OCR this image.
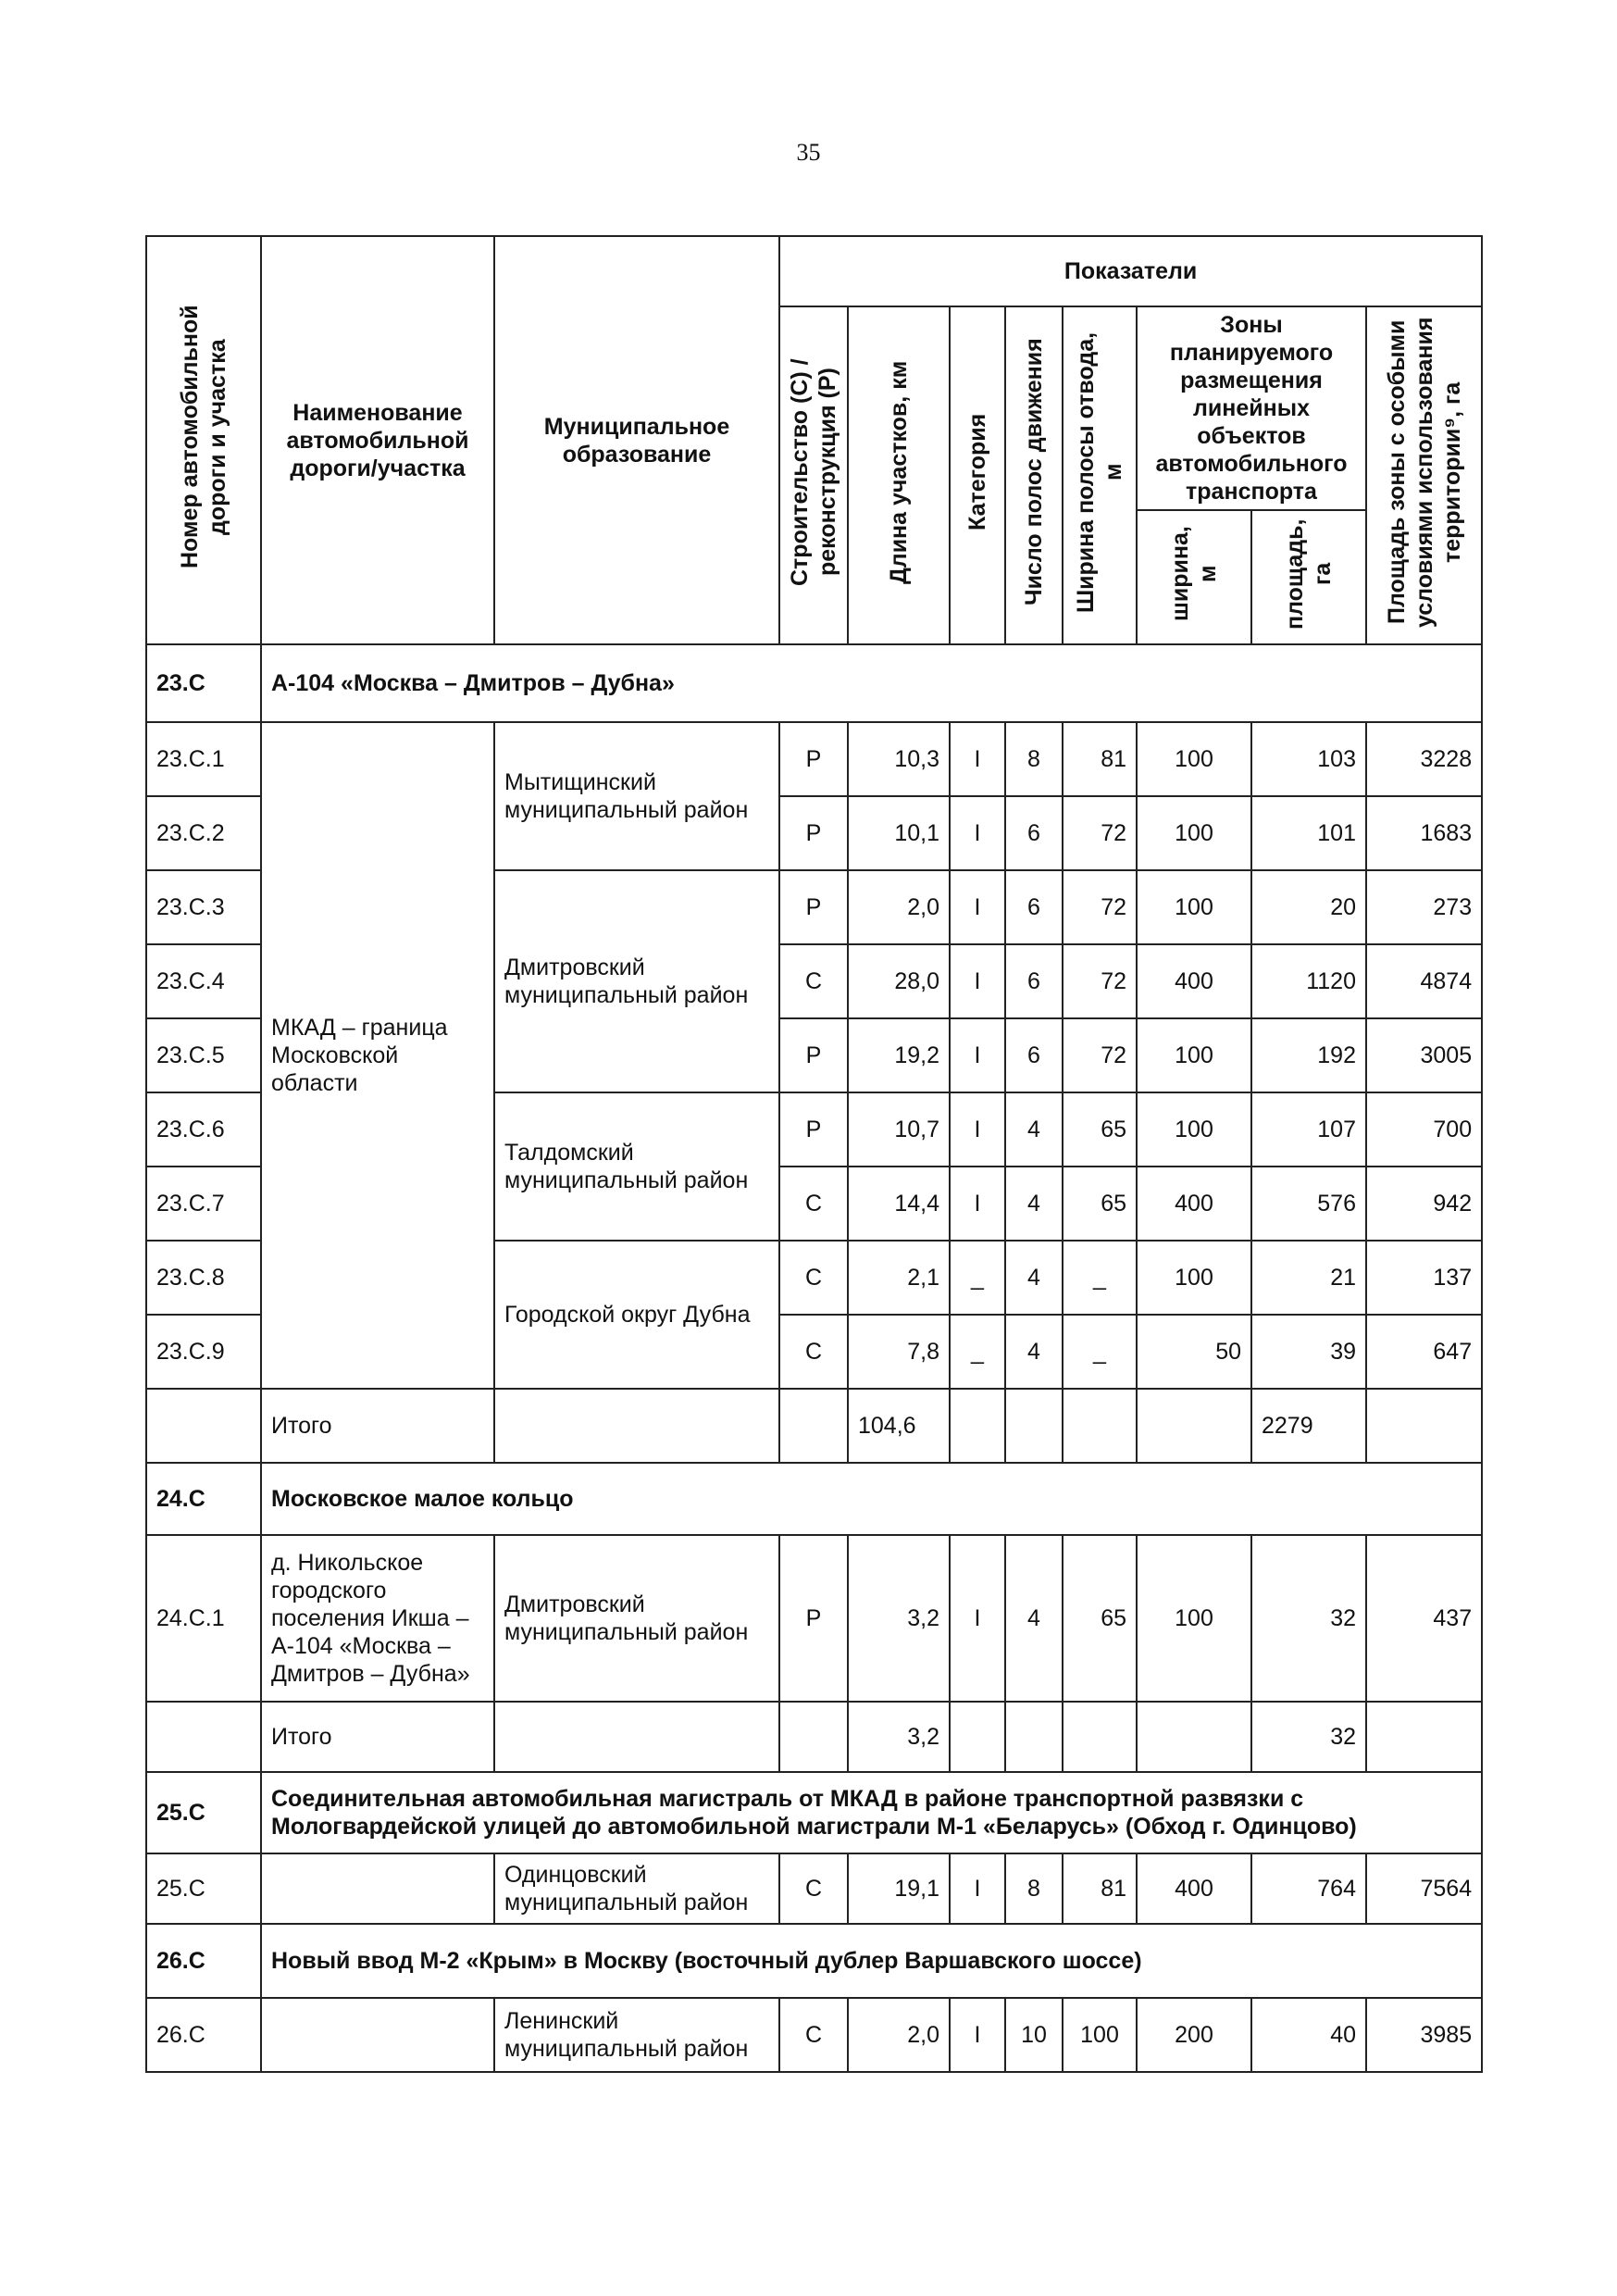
35
Номер автомобильной дороги и участка	Наименование автомобильной дороги/участка	Муниципальное образование	Показатели							
			Строительство (С) / реконструкция (Р)	Длина участков, км	Категория	Число полос движения	Ширина полосы отвода, м	Зоны планируемого размещения линейных объектов автомобильного транспорта		Площадь зоны с особыми условиями использования территории⁹, га
								ширина, м	площадь, га	
23.С	А-104 «Москва – Дмитров – Дубна»									
23.С.1	МКАД – граница Московской области	Мытищинский муниципальный район	Р	10,3	I	8	81	100	103	3228
23.С.2			Р	10,1	I	6	72	100	101	1683
23.С.3		Дмитровский муниципальный район	Р	2,0	I	6	72	100	20	273
23.С.4			С	28,0	I	6	72	400	1120	4874
23.С.5			Р	19,2	I	6	72	100	192	3005
23.С.6		Талдомский муниципальный район	Р	10,7	I	4	65	100	107	700
23.С.7			С	14,4	I	4	65	400	576	942
23.С.8		Городской округ Дубна	С	2,1	_	4	_	100	21	137
23.С.9			С	7,8	_	4	_	50	39	647
	Итого			104,6					2279	
24.С	Московское малое кольцо									
24.С.1	д. Никольское городского поселения Икша – А-104 «Москва – Дмитров – Дубна»	Дмитровский муниципальный район	Р	3,2	I	4	65	100	32	437
	Итого			3,2					32	
25.С	Соединительная автомобильная магистраль от МКАД в районе транспортной развязки с Мологвардейской улицей до автомобильной магистрали М-1 «Беларусь» (Обход г. Одинцово)									
25.С		Одинцовский муниципальный район	С	19,1	I	8	81	400	764	7564
26.С	Новый ввод М-2 «Крым» в Москву (восточный дублер Варшавского шоссе)									
26.С		Ленинский муниципальный район	С	2,0	I	10	100	200	40	3985
